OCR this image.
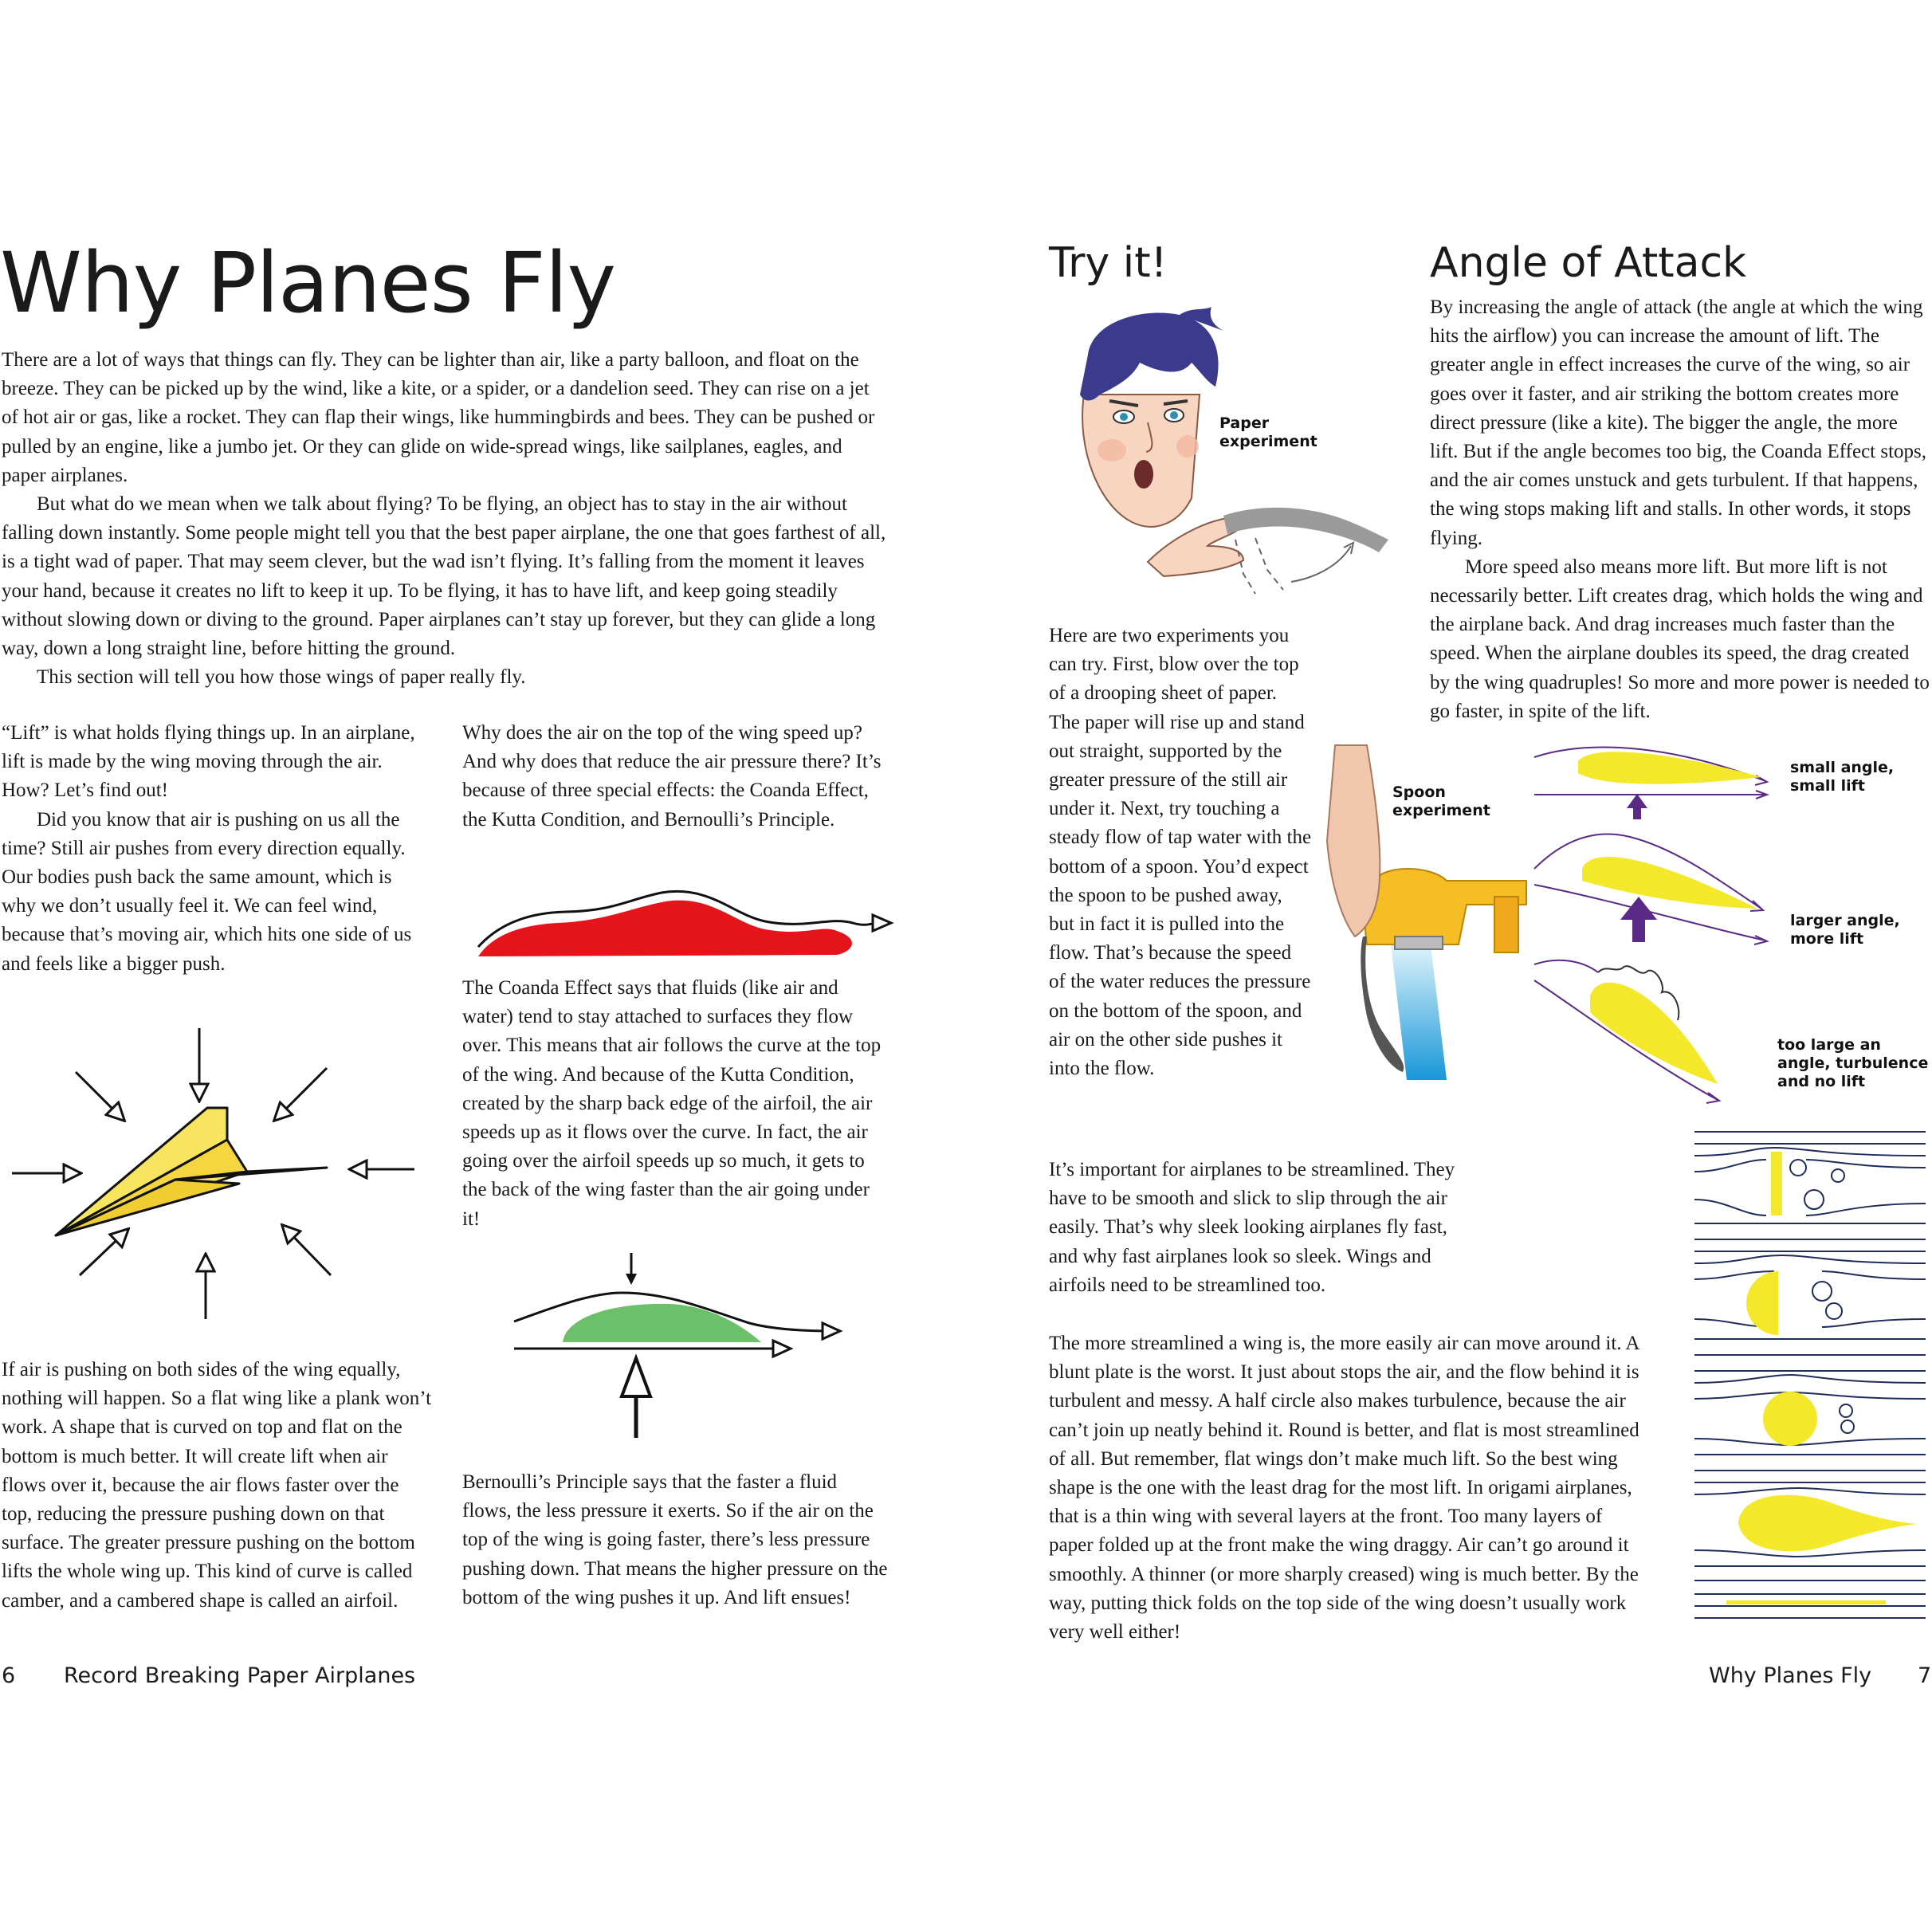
Why Planes Fly

There are a lot of ways that things can fly. They can be lighter than air, like a party balloon, and float on the breeze. They can be picked up by the wind, like a kite, or a spider, or a dandelion seed. They can rise on a jet of hot air or gas, like a rocket. They can flap their wings, like hummingbirds and bees. They can be pushed or pulled by an engine, like a jumbo jet. Or they can glide on wide-spread wings, like sailplanes, eagles, and paper airplanes.

But what do we mean when we talk about flying? To be flying, an object has to stay in the air without falling down instantly. Some people might tell you that the best paper airplane, the one that goes farthest of all, is a tight wad of paper. That may seem clever, but the wad isn’t flying. It’s falling from the moment it leaves your hand, because it creates no lift to keep it up. To be flying, it has to have lift, and keep going steadily without slowing down or diving to the ground. Paper airplanes can’t stay up forever, but they can glide a long way, down a long straight line, before hitting the ground.

This section will tell you how those wings of paper really fly.

“Lift” is what holds flying things up. In an airplane, lift is made by the wing moving through the air. How? Let’s find out!

Did you know that air is pushing on us all the time? Still air pushes from every direction equally. Our bodies push back the same amount, which is why we don’t usually feel it. We can feel wind, because that’s moving air, which hits one side of us and feels like a bigger push.

If air is pushing on both sides of the wing equally, nothing will happen. So a flat wing like a plank won’t work. A shape that is curved on top and flat on the bottom is much better. It will create lift when air flows over it, because the air flows faster over the top, reducing the pressure pushing down on that surface. The greater pressure pushing on the bottom lifts the whole wing up. This kind of curve is called camber, and a cambered shape is called an airfoil.

Why does the air on the top of the wing speed up? And why does that reduce the air pressure there? It’s because of three special effects: the Coanda Effect, the Kutta Condition, and Bernoulli’s Principle.

The Coanda Effect says that fluids (like air and water) tend to stay attached to surfaces they flow over. This means that air follows the curve at the top of the wing. And because of the Kutta Condition, created by the sharp back edge of the airfoil, the air speeds up as it flows over the curve. In fact, the air going over the airfoil speeds up so much, it gets to the back of the wing faster than the air going under it!

Bernoulli’s Principle says that the faster a fluid flows, the less pressure it exerts. So if the air on the top of the wing is going faster, there’s less pressure pushing down. That means the higher pressure on the bottom of the wing pushes it up. And lift ensues!

6 Record Breaking Paper Airplanes
Try it!
Paper
experiment

Here are two experiments you can try. First, blow over the top of a drooping sheet of paper. The paper will rise up and stand out straight, supported by the greater pressure of the still air under it. Next, try touching a steady flow of tap water with the bottom of a spoon. You’d expect the spoon to be pushed away, but in fact it is pulled into the flow. That’s because the speed of the water reduces the pressure on the bottom of the spoon, and air on the other side pushes it into the flow.

Spoon
experiment
Angle of Attack

By increasing the angle of attack (the angle at which the wing hits the airflow) you can increase the amount of lift. The greater angle in effect increases the curve of the wing, so air goes over it faster, and air striking the bottom creates more direct pressure (like a kite). The bigger the angle, the more lift. But if the angle becomes too big, the Coanda Effect stops, and the air comes unstuck and gets turbulent. If that happens, the wing stops making lift and stalls. In other words, it stops flying.

More speed also means more lift. But more lift is not necessarily better. Lift creates drag, which holds the wing and the airplane back. And drag increases much faster than the speed. When the airplane doubles its speed, the drag created by the wing quadruples! So more and more power is needed to go faster, in spite of the lift.

small angle,
small lift
larger angle,
more lift
too large an
angle, turbulence
and no lift

It’s important for airplanes to be streamlined. They have to be smooth and slick to slip through the air easily. That’s why sleek looking airplanes fly fast, and why fast airplanes look so sleek. Wings and airfoils need to be streamlined too.

The more streamlined a wing is, the more easily air can move around it. A blunt plate is the worst. It just about stops the air, and the flow behind it is turbulent and messy. A half circle also makes turbulence, because the air can’t join up neatly behind it. Round is better, and flat is most streamlined of all. But remember, flat wings don’t make much lift. So the best wing shape is the one with the least drag for the most lift. In origami airplanes, that is a thin wing with several layers at the front. Too many layers of paper folded up at the front make the wing draggy. Air can’t go around it smoothly. A thinner (or more sharply creased) wing is much better. By the way, putting thick folds on the top side of the wing doesn’t usually work very well either!

Why Planes Fly 7
